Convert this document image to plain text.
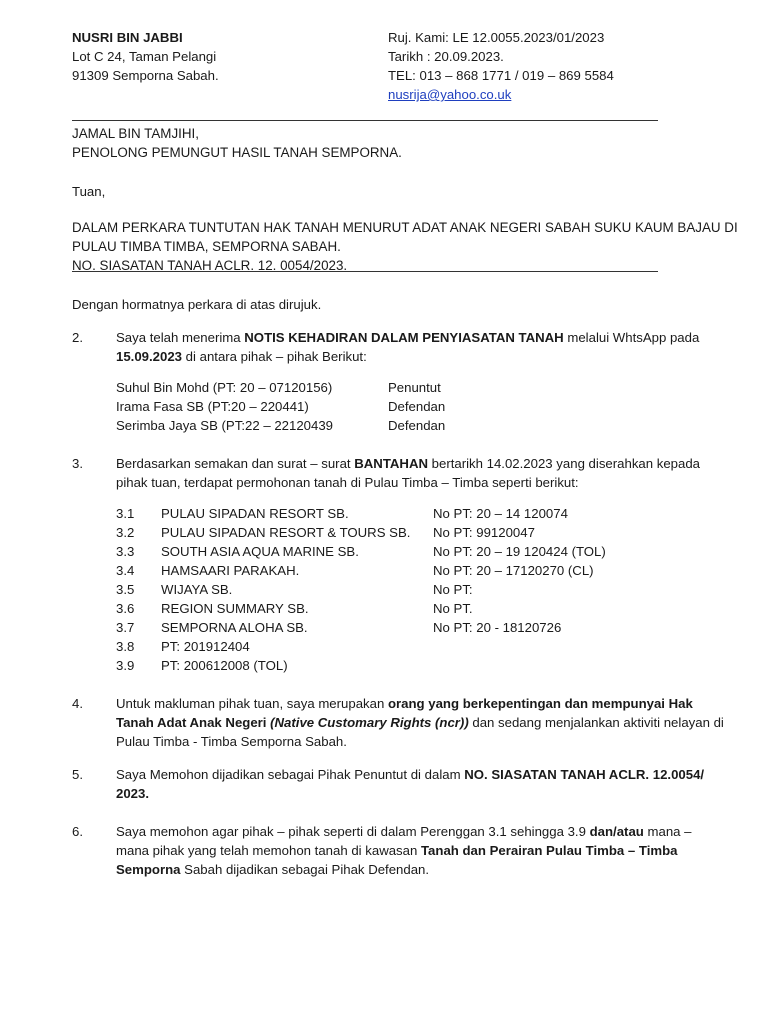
NUSRI BIN JABBI
Lot C 24, Taman Pelangi
91309 Semporna Sabah.
Ruj. Kami: LE 12.0055.2023/01/2023
Tarikh : 20.09.2023.
TEL: 013 – 868 1771 / 019 – 869 5584
nusrija@yahoo.co.uk
JAMAL BIN TAMJIHI,
PENOLONG PEMUNGUT HASIL TANAH SEMPORNA.
Tuan,
DALAM PERKARA TUNTUTAN HAK TANAH MENURUT ADAT ANAK NEGERI SABAH SUKU KAUM BAJAU DI
PULAU TIMBA TIMBA, SEMPORNA SABAH.
NO. SIASATAN TANAH ACLR. 12. 0054/2023.
Dengan hormatnya perkara di atas dirujuk.
2.	Saya telah menerima NOTIS KEHADIRAN DALAM PENYIASATAN TANAH melalui WhtsApp pada 15.09.2023 di antara pihak – pihak Berikut:
Suhul Bin Mohd (PT: 20 – 07120156)	Penuntut
Irama Fasa SB (PT:20 – 220441)	Defendan
Serimba Jaya SB (PT:22 – 22120439	Defendan
3.	Berdasarkan semakan dan surat – surat BANTAHAN bertarikh 14.02.2023 yang diserahkan kepada pihak tuan, terdapat permohonan tanah di Pulau Timba – Timba seperti berikut:
3.1 PULAU SIPADAN RESORT SB.	No PT: 20 – 14 120074
3.2 PULAU SIPADAN RESORT & TOURS SB. No PT: 99120047
3.3 SOUTH ASIA AQUA MARINE SB.	No PT: 20 – 19 120424 (TOL)
3.4 HAMSAARI PARAKAH.	No PT: 20 – 17120270 (CL)
3.5 WIJAYA SB.	No PT:
3.6 REGION SUMMARY SB.	No PT.
3.7 SEMPORNA ALOHA SB.	No PT: 20 - 18120726
3.8 PT: 201912404
3.9 PT: 200612008 (TOL)
4.	Untuk makluman pihak tuan, saya merupakan orang yang berkepentingan dan mempunyai Hak Tanah Adat Anak Negeri (Native Customary Rights (ncr)) dan sedang menjalankan aktiviti nelayan di Pulau Timba - Timba Semporna Sabah.
5.	Saya Memohon dijadikan sebagai Pihak Penuntut di dalam NO. SIASATAN TANAH ACLR. 12.0054/ 2023.
6.	Saya memohon agar pihak – pihak seperti di dalam Perenggan 3.1 sehingga 3.9 dan/atau mana – mana pihak yang telah memohon tanah di kawasan Tanah dan Perairan Pulau Timba – Timba Semporna Sabah dijadikan sebagai Pihak Defendan.
